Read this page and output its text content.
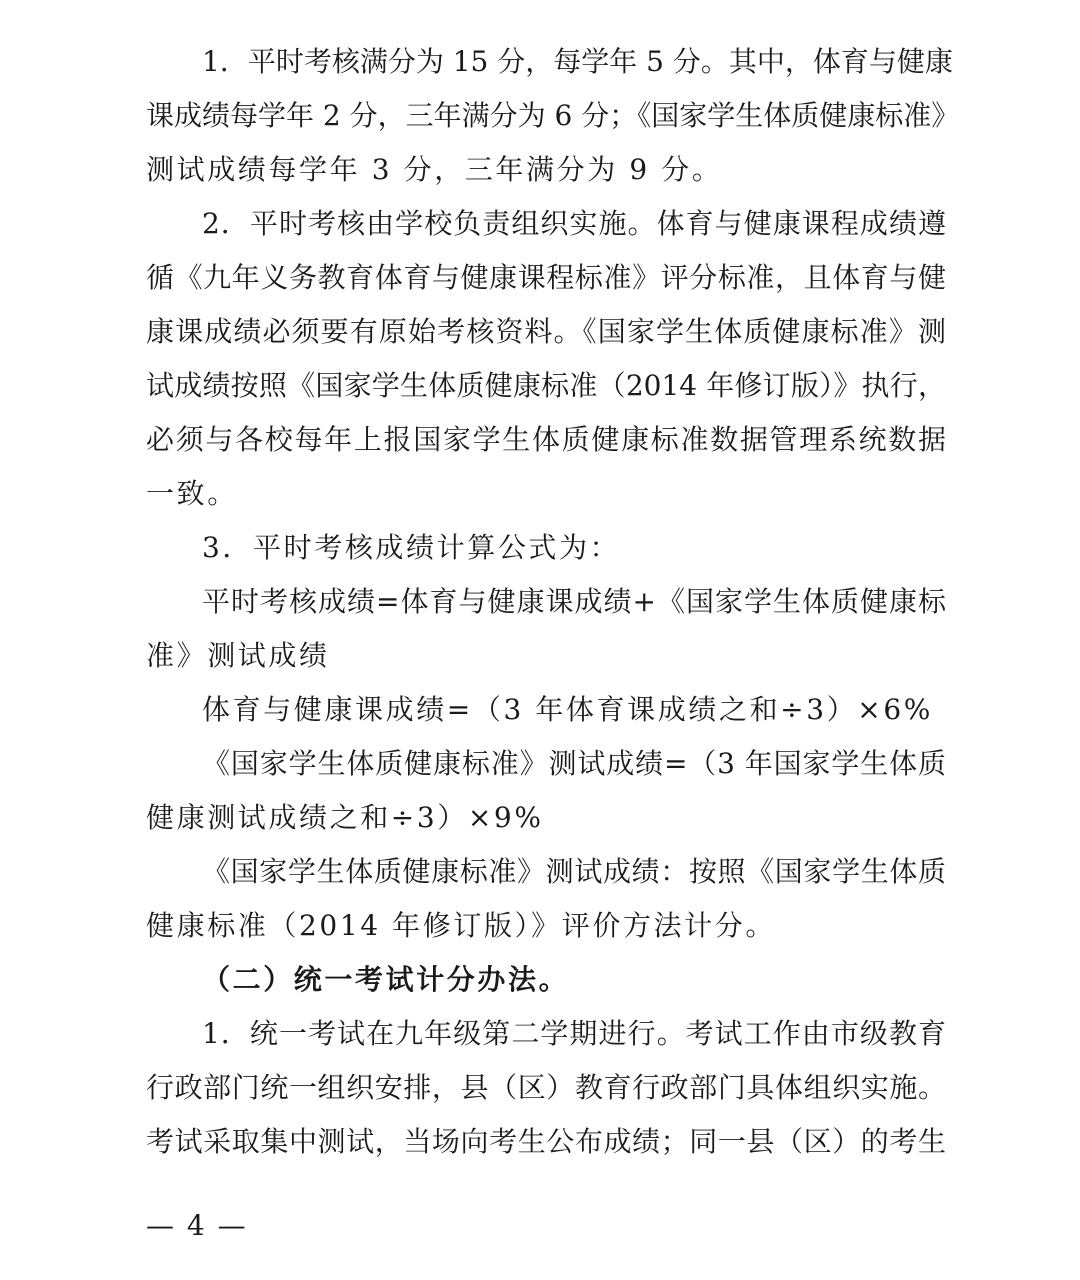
1．平时考核满分为 15 分，每学年 5 分。其中，体育与健康
课成绩每学年 2 分，三年满分为 6 分；《国家学生体质健康标准》
测试成绩每学年 3 分，三年满分为 9 分。
2．平时考核由学校负责组织实施。体育与健康课程成绩遵
循《九年义务教育体育与健康课程标准》评分标准，且体育与健
康课成绩必须要有原始考核资料。《国家学生体质健康标准》测
试成绩按照《国家学生体质健康标准（2014 年修订版）》执行，
必须与各校每年上报国家学生体质健康标准数据管理系统数据
一致。
3．平时考核成绩计算公式为：
平时考核成绩=体育与健康课成绩+《国家学生体质健康标
准》测试成绩
体育与健康课成绩=（3 年体育课成绩之和÷3）×6%
《国家学生体质健康标准》测试成绩=（3 年国家学生体质
健康测试成绩之和÷3）×9%
《国家学生体质健康标准》测试成绩：按照《国家学生体质
健康标准（2014 年修订版）》评价方法计分。
（二）统一考试计分办法。
1．统一考试在九年级第二学期进行。考试工作由市级教育
行政部门统一组织安排，县（区）教育行政部门具体组织实施。
考试采取集中测试，当场向考生公布成绩；同一县（区）的考生
— 4 —
